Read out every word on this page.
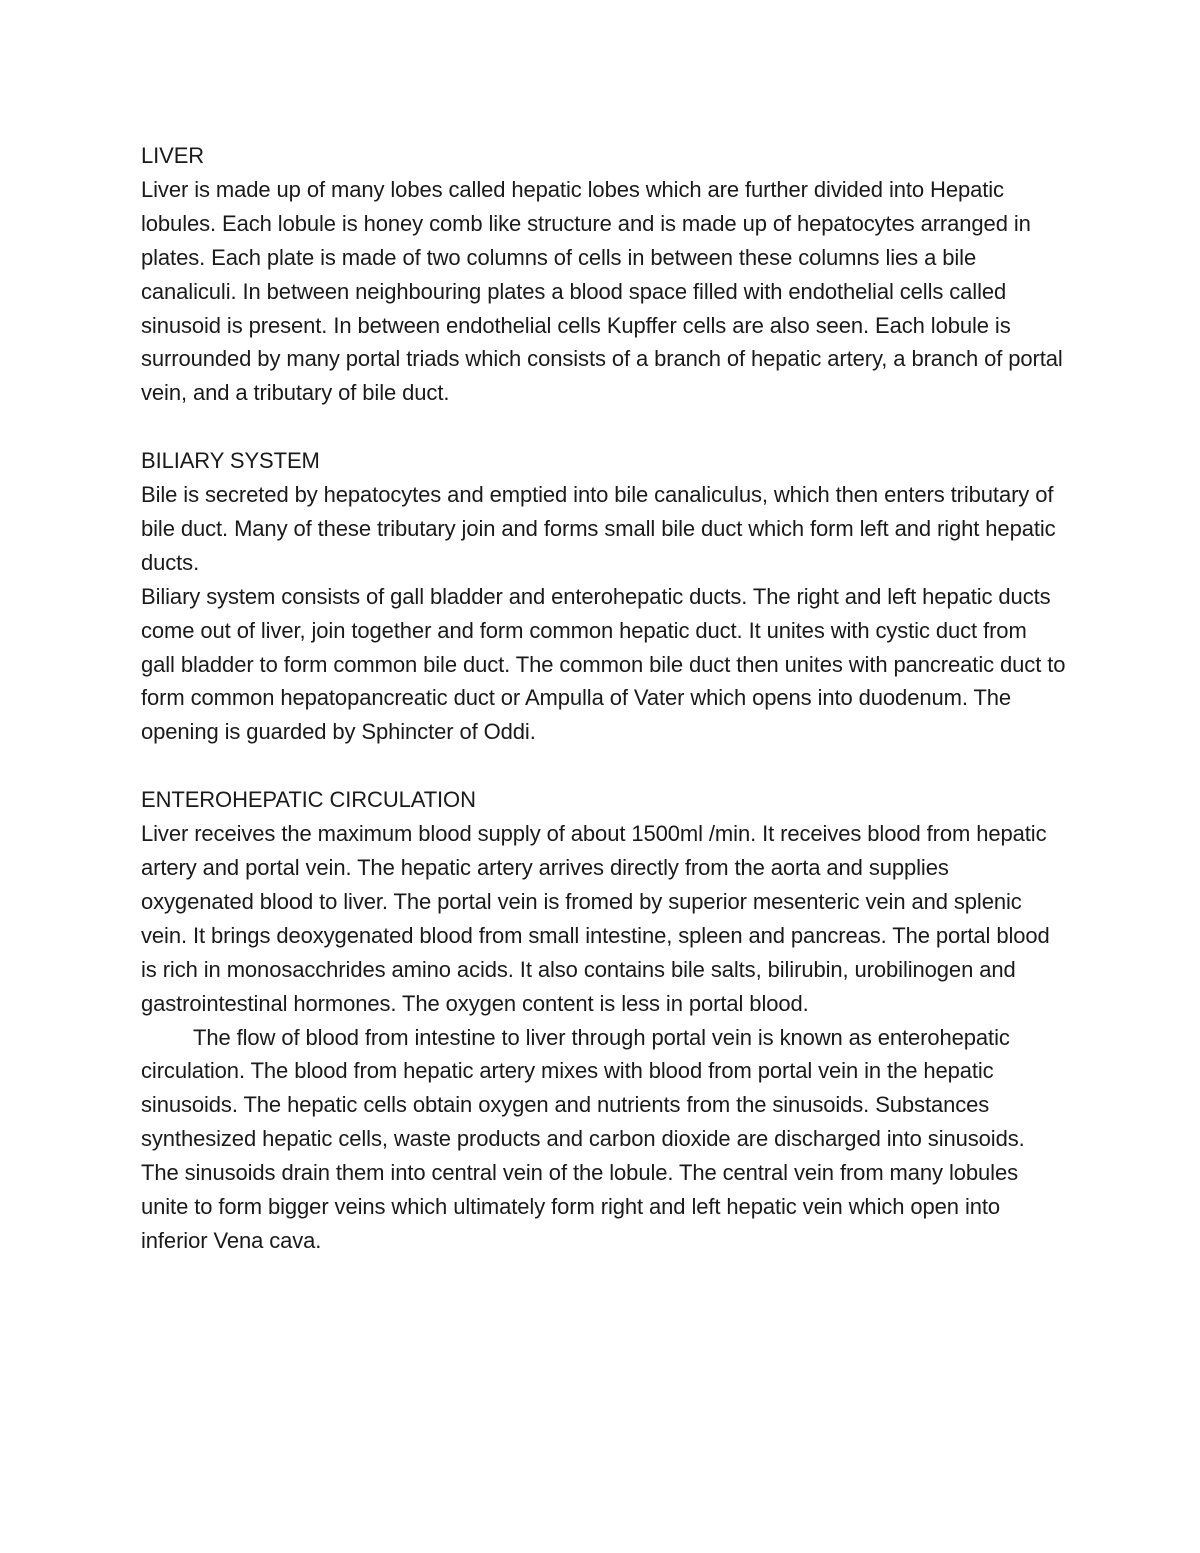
LIVER

Liver is made up of many lobes called hepatic lobes which are further divided into Hepatic lobules. Each lobule is honey comb like structure and is made up of hepatocytes arranged in plates. Each plate is made of two columns of cells in between these columns lies a bile canaliculi. In between neighbouring plates a blood space filled with endothelial cells called sinusoid is present. In between endothelial cells Kupffer cells are also seen. Each lobule is surrounded by many portal triads which consists of a branch of hepatic artery, a branch of portal vein, and a tributary of bile duct.

BILIARY SYSTEM

Bile is secreted by hepatocytes and emptied into bile canaliculus, which then enters tributary of bile duct. Many of these tributary join and forms small bile duct which form left and right hepatic ducts.

Biliary system consists of gall bladder and enterohepatic ducts. The right and left hepatic ducts come out of liver, join together and form common hepatic duct. It unites with cystic duct from gall bladder to form common bile duct. The common bile duct then unites with pancreatic duct to form common hepatopancreatic duct or Ampulla of Vater which opens into duodenum. The opening is guarded by Sphincter of Oddi.

ENTEROHEPATIC CIRCULATION

Liver receives the maximum blood supply of about 1500ml /min. It receives blood from hepatic artery and portal vein. The hepatic artery arrives directly from the aorta and supplies oxygenated blood to liver. The portal vein is fromed by superior mesenteric vein and splenic vein. It brings deoxygenated blood from small intestine, spleen and pancreas. The portal blood is rich in monosacchrides amino acids. It also contains bile salts, bilirubin, urobilinogen and gastrointestinal hormones. The oxygen content is less in portal blood.

The flow of blood from intestine to liver through portal vein is known as enterohepatic circulation. The blood from hepatic artery mixes with blood from portal vein in the hepatic sinusoids. The hepatic cells obtain oxygen and nutrients from the sinusoids. Substances synthesized hepatic cells, waste products and carbon dioxide are discharged into sinusoids. The sinusoids drain them into central vein of the lobule. The central vein from many lobules unite to form bigger veins which ultimately form right and left hepatic vein which open into inferior Vena cava.
